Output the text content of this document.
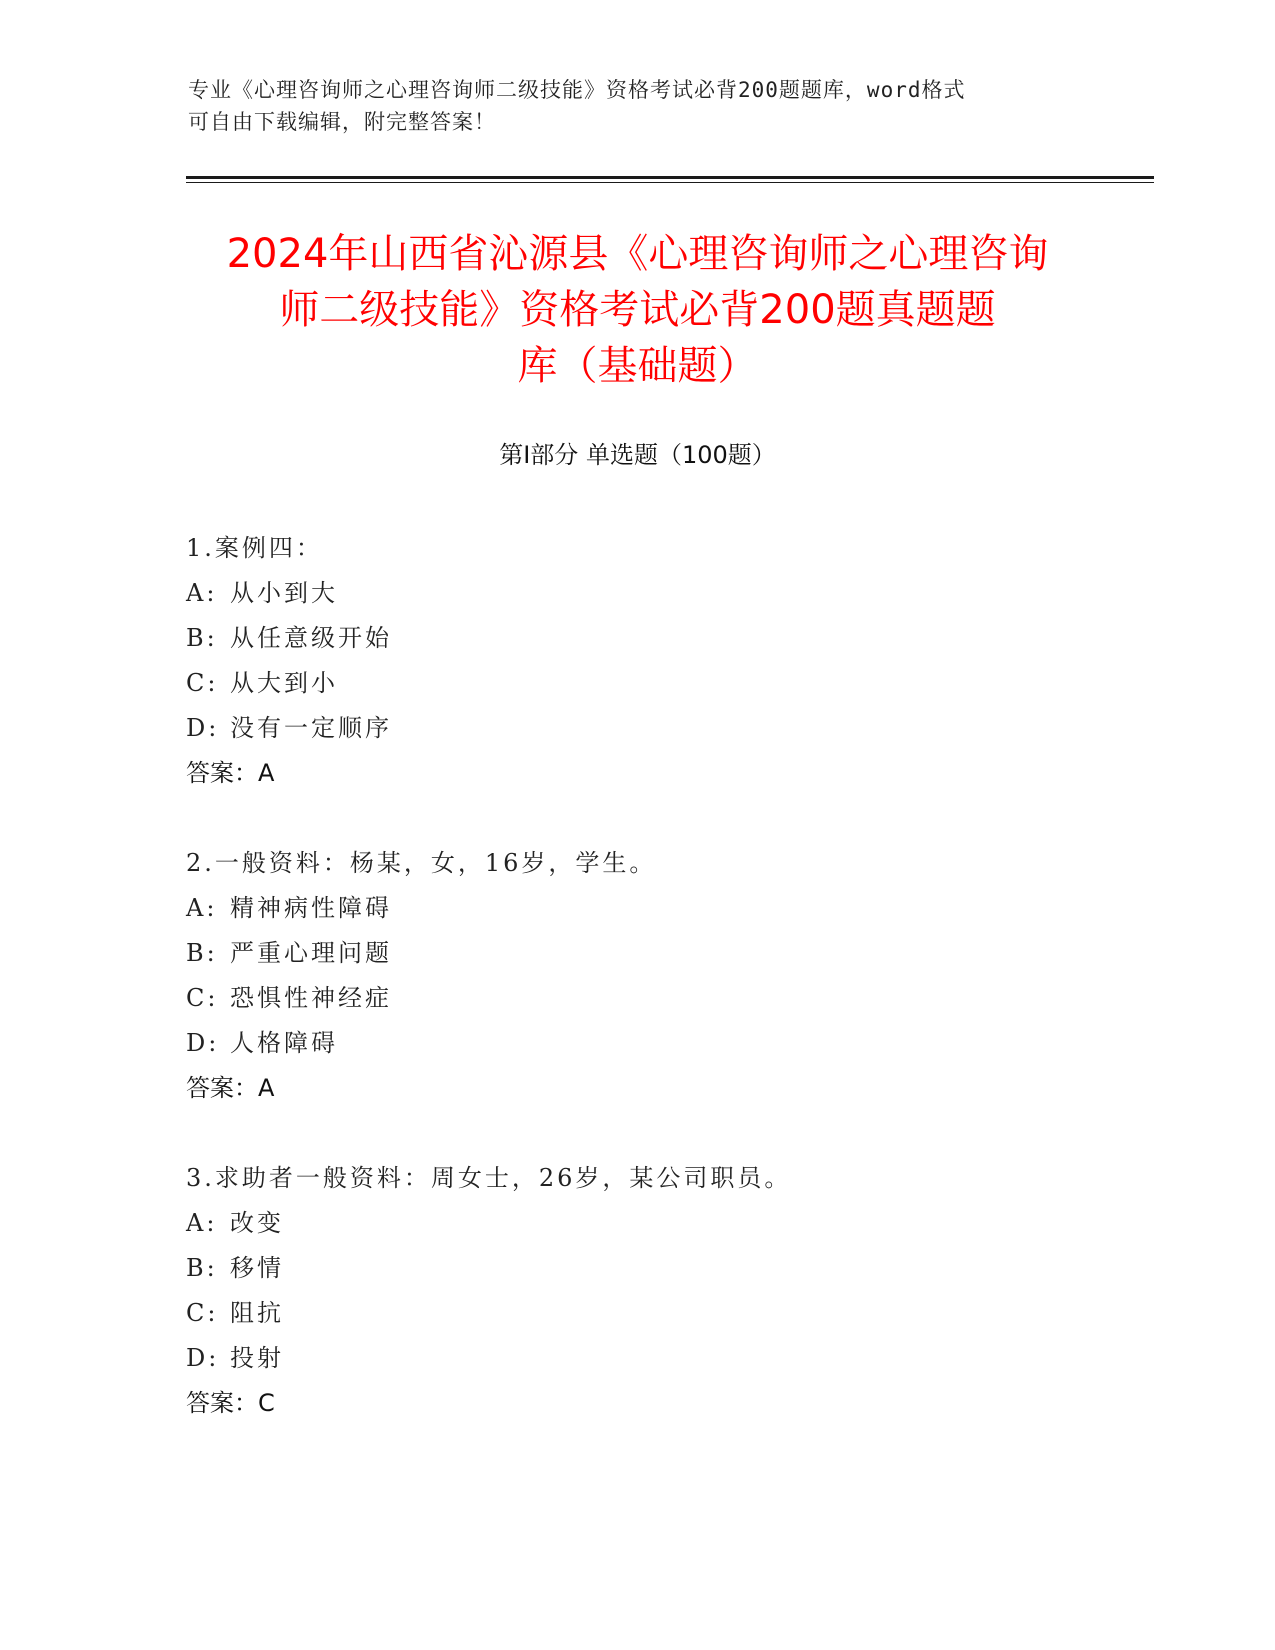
专业《心理咨询师之心理咨询师二级技能》资格考试必背200题题库，word格式
可自由下载编辑，附完整答案！
2024年山西省沁源县《心理咨询师之心理咨询
师二级技能》资格考试必背200题真题题
库（基础题）
第Ⅰ部分 单选题（100题）
1.案例四：
A: 从小到大
B: 从任意级开始
C: 从大到小
D: 没有一定顺序
答案：A
2.一般资料：杨某，女，16岁，学生。
A: 精神病性障碍
B: 严重心理问题
C: 恐惧性神经症
D: 人格障碍
答案：A
3.求助者一般资料：周女士，26岁，某公司职员。
A: 改变
B: 移情
C: 阻抗
D: 投射
答案：C
